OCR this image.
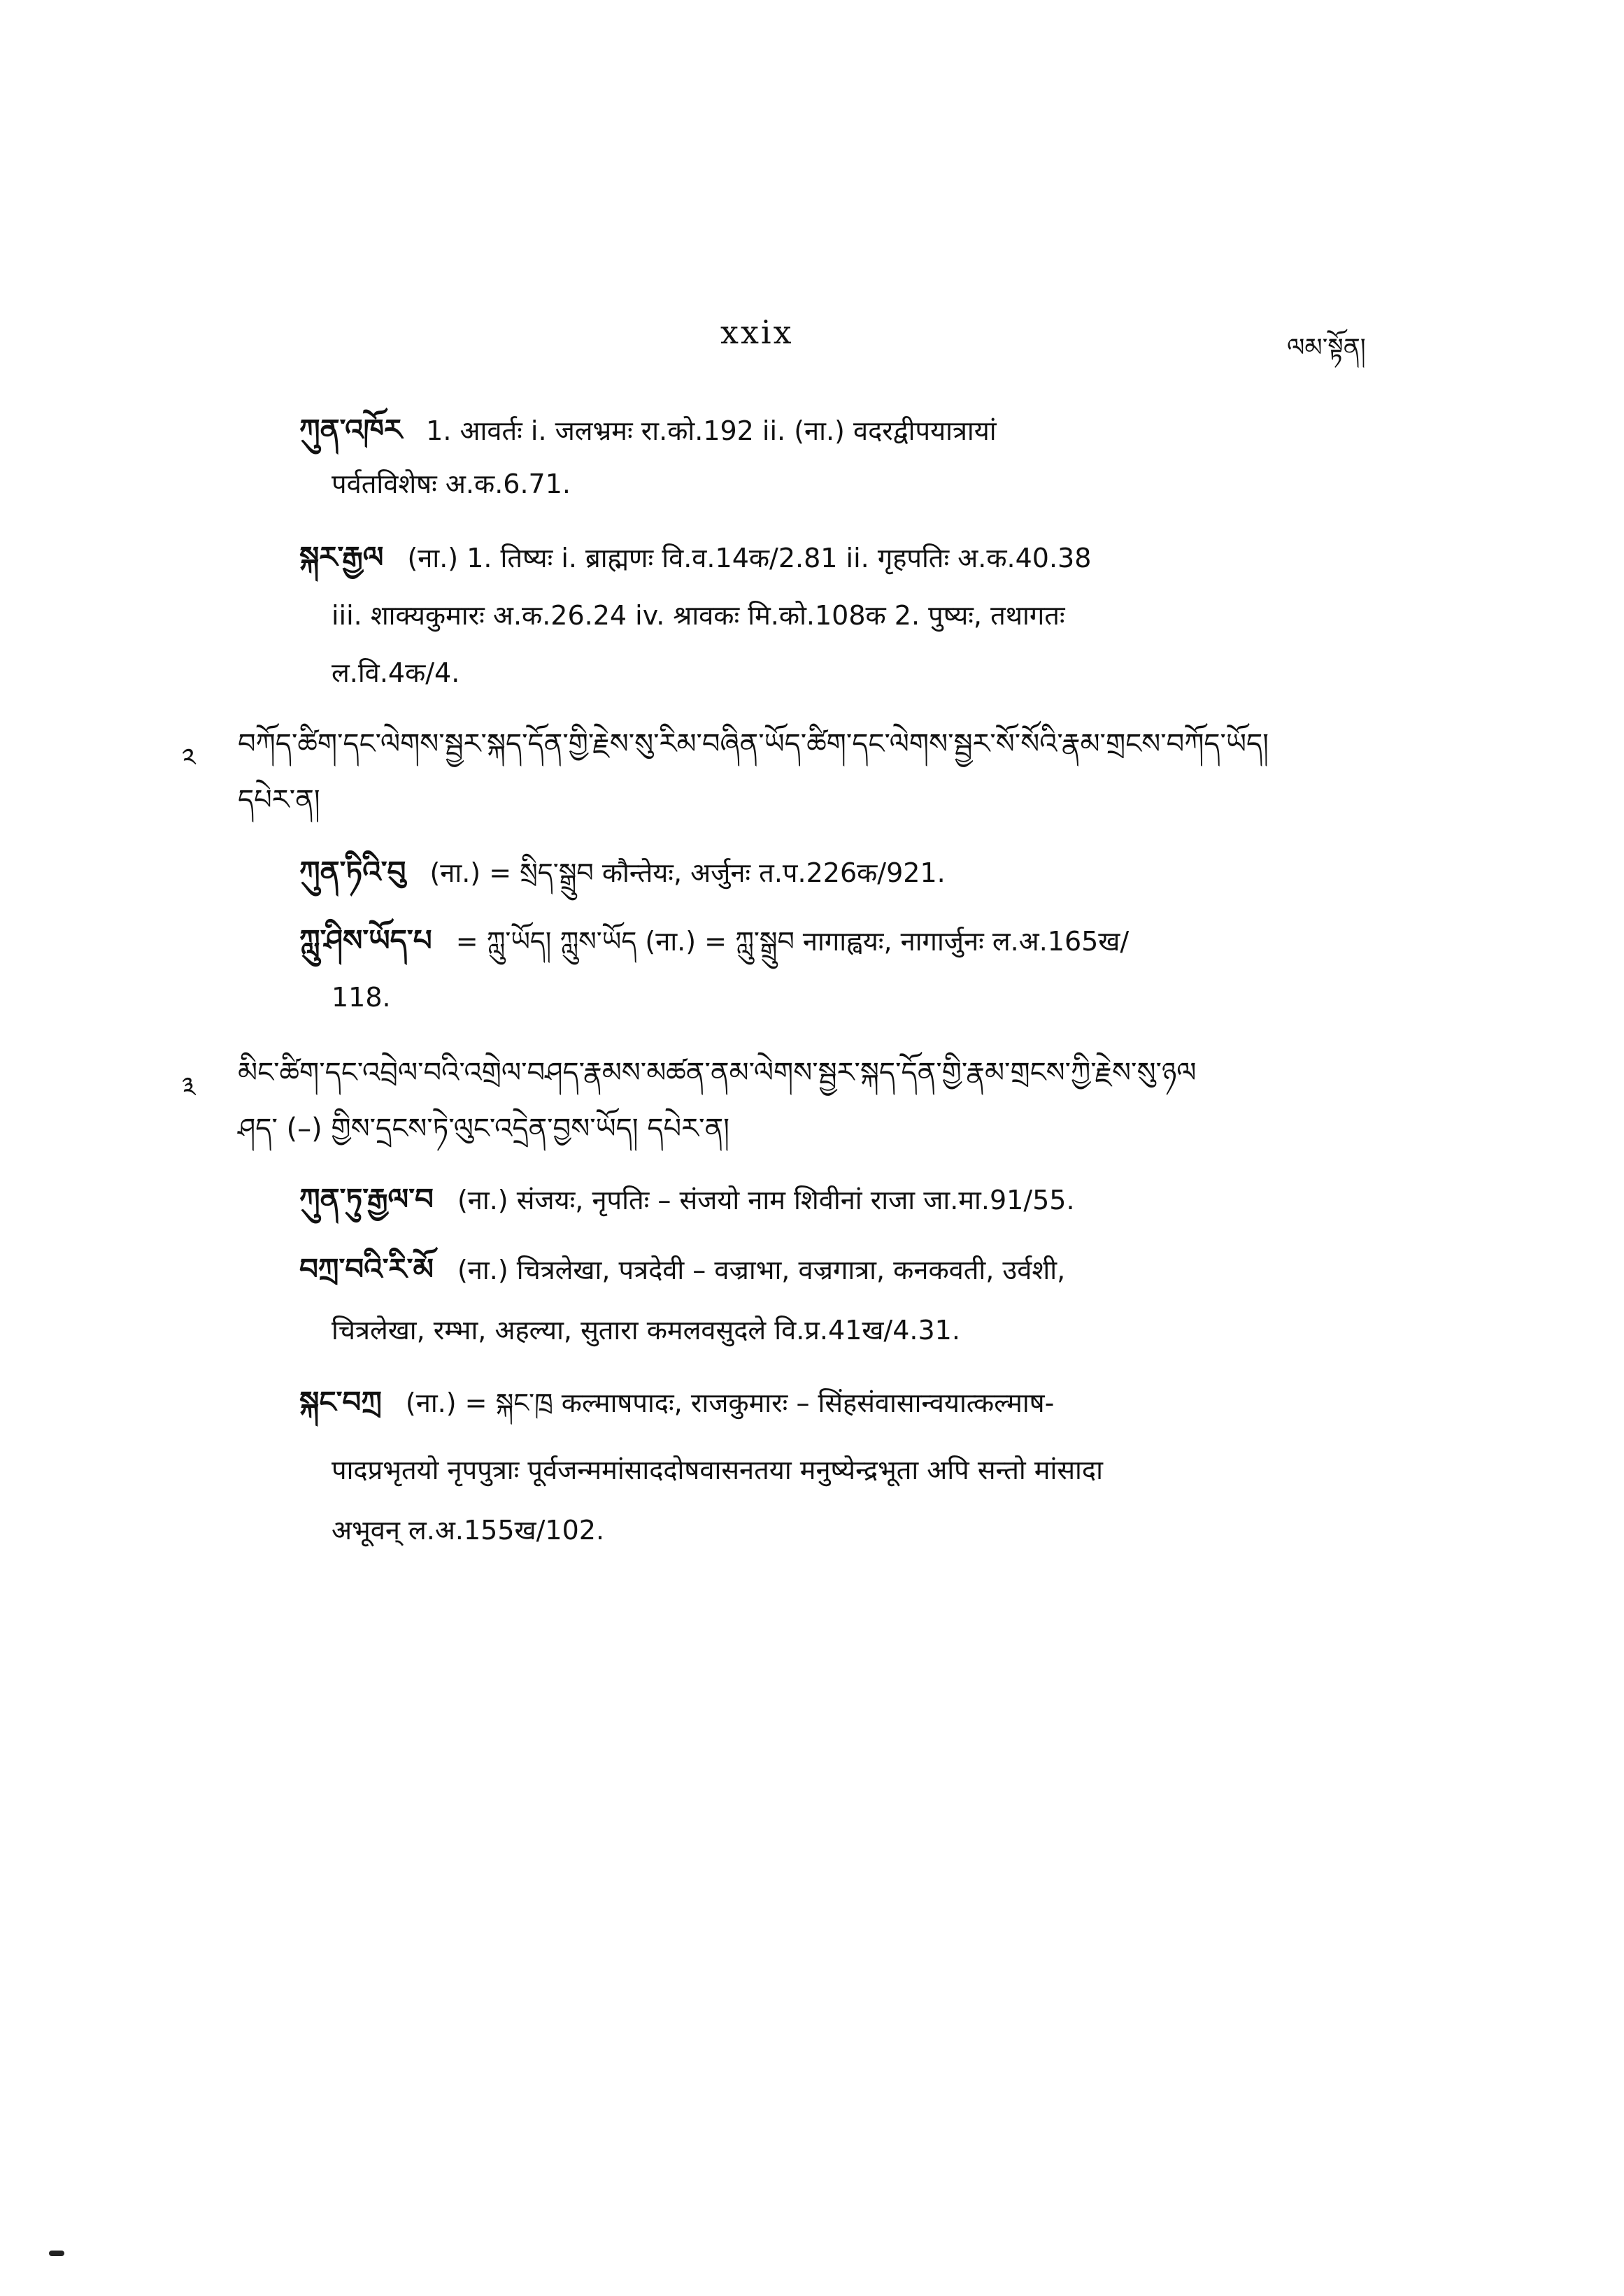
xxix	ལམ་སྟོན།
ཀུན་འཁོར 1. आवर्तः i. जलभ्रमः रा.को.192 ii. (ना.) वदरद्वीपयात्रायां
पर्वतविशेषः अ.क.6.71.
སྐར་རྒྱལ (ना.) 1. तिष्यः i. ब्राह्मणः वि.व.14क/2.81 ii. गृहपतिः अ.क.40.38
iii. शाक्यकुमारः अ.क.26.24 iv. श्रावकः मि.को.108क 2. पुष्यः, तथागतः
ल.वि.4क/4.
༢ བཀོད་ཚིག་དང་ལེགས་སྦྱར་སྐད་དོན་གྱི་རྗེས་སུ་རིམ་བཞིན་ཡོད་ཚིག་དང་ལེགས་སྦྱར་སོ་སོའི་རྣམ་གྲངས་བཀོད་ཡོད།
དཔེར་ན།
ཀུན་ཏིའི་བུ (ना.) = སྲིད་སྒྲུབ कौन्तेयः, अर्जुनः त.प.226क/921.
ཀླུ་ཤིས་ཡོད་པ = ཀླུ་ཡོད། ཀླུས་ཡོད (ना.) = ཀླུ་སྒྲུབ नागाह्वयः, नागार्जुनः ल.अ.165ख/
118.
༣ མིང་ཚིག་དང་འབྲེལ་བའི་འགྲེལ་བཤད་རྣམས་མཚན་ནམ་ལེགས་སྦྱར་སྐད་དོན་གྱི་རྣམ་གྲངས་ཀྱི་རྗེས་སུ་ཉལ
ཤད་ (–) གྱིས་དྲངས་ཏེ་ལུང་འདྲེན་བྱས་ཡོད། དཔེར་ན།
ཀུན་ཏུ་རྒྱལ་བ (ना.) संजयः, नृपतिः – संजयो नाम शिवीनां राजा जा.मा.91/55.
བཀྲ་བའི་རི་མོ (ना.) चित्रलेखा, पत्रदेवी – वज्राभा, वज्रगात्रा, कनकवती, उर्वशी,
चित्रलेखा, रम्भा, अहल्या, सुतारा कमलवसुदले वि.प्र.41ख/4.31.
སྐང་བཀྲ (ना.) = སྐང་ཁྲ कल्माषपादः, राजकुमारः – सिंहसंवासान्वयात्कल्माष-
पादप्रभृतयो नृपपुत्राः पूर्वजन्ममांसाददोषवासनतया मनुष्येन्द्रभूता अपि सन्तो मांसादा
अभूवन् ल.अ.155ख/102.
